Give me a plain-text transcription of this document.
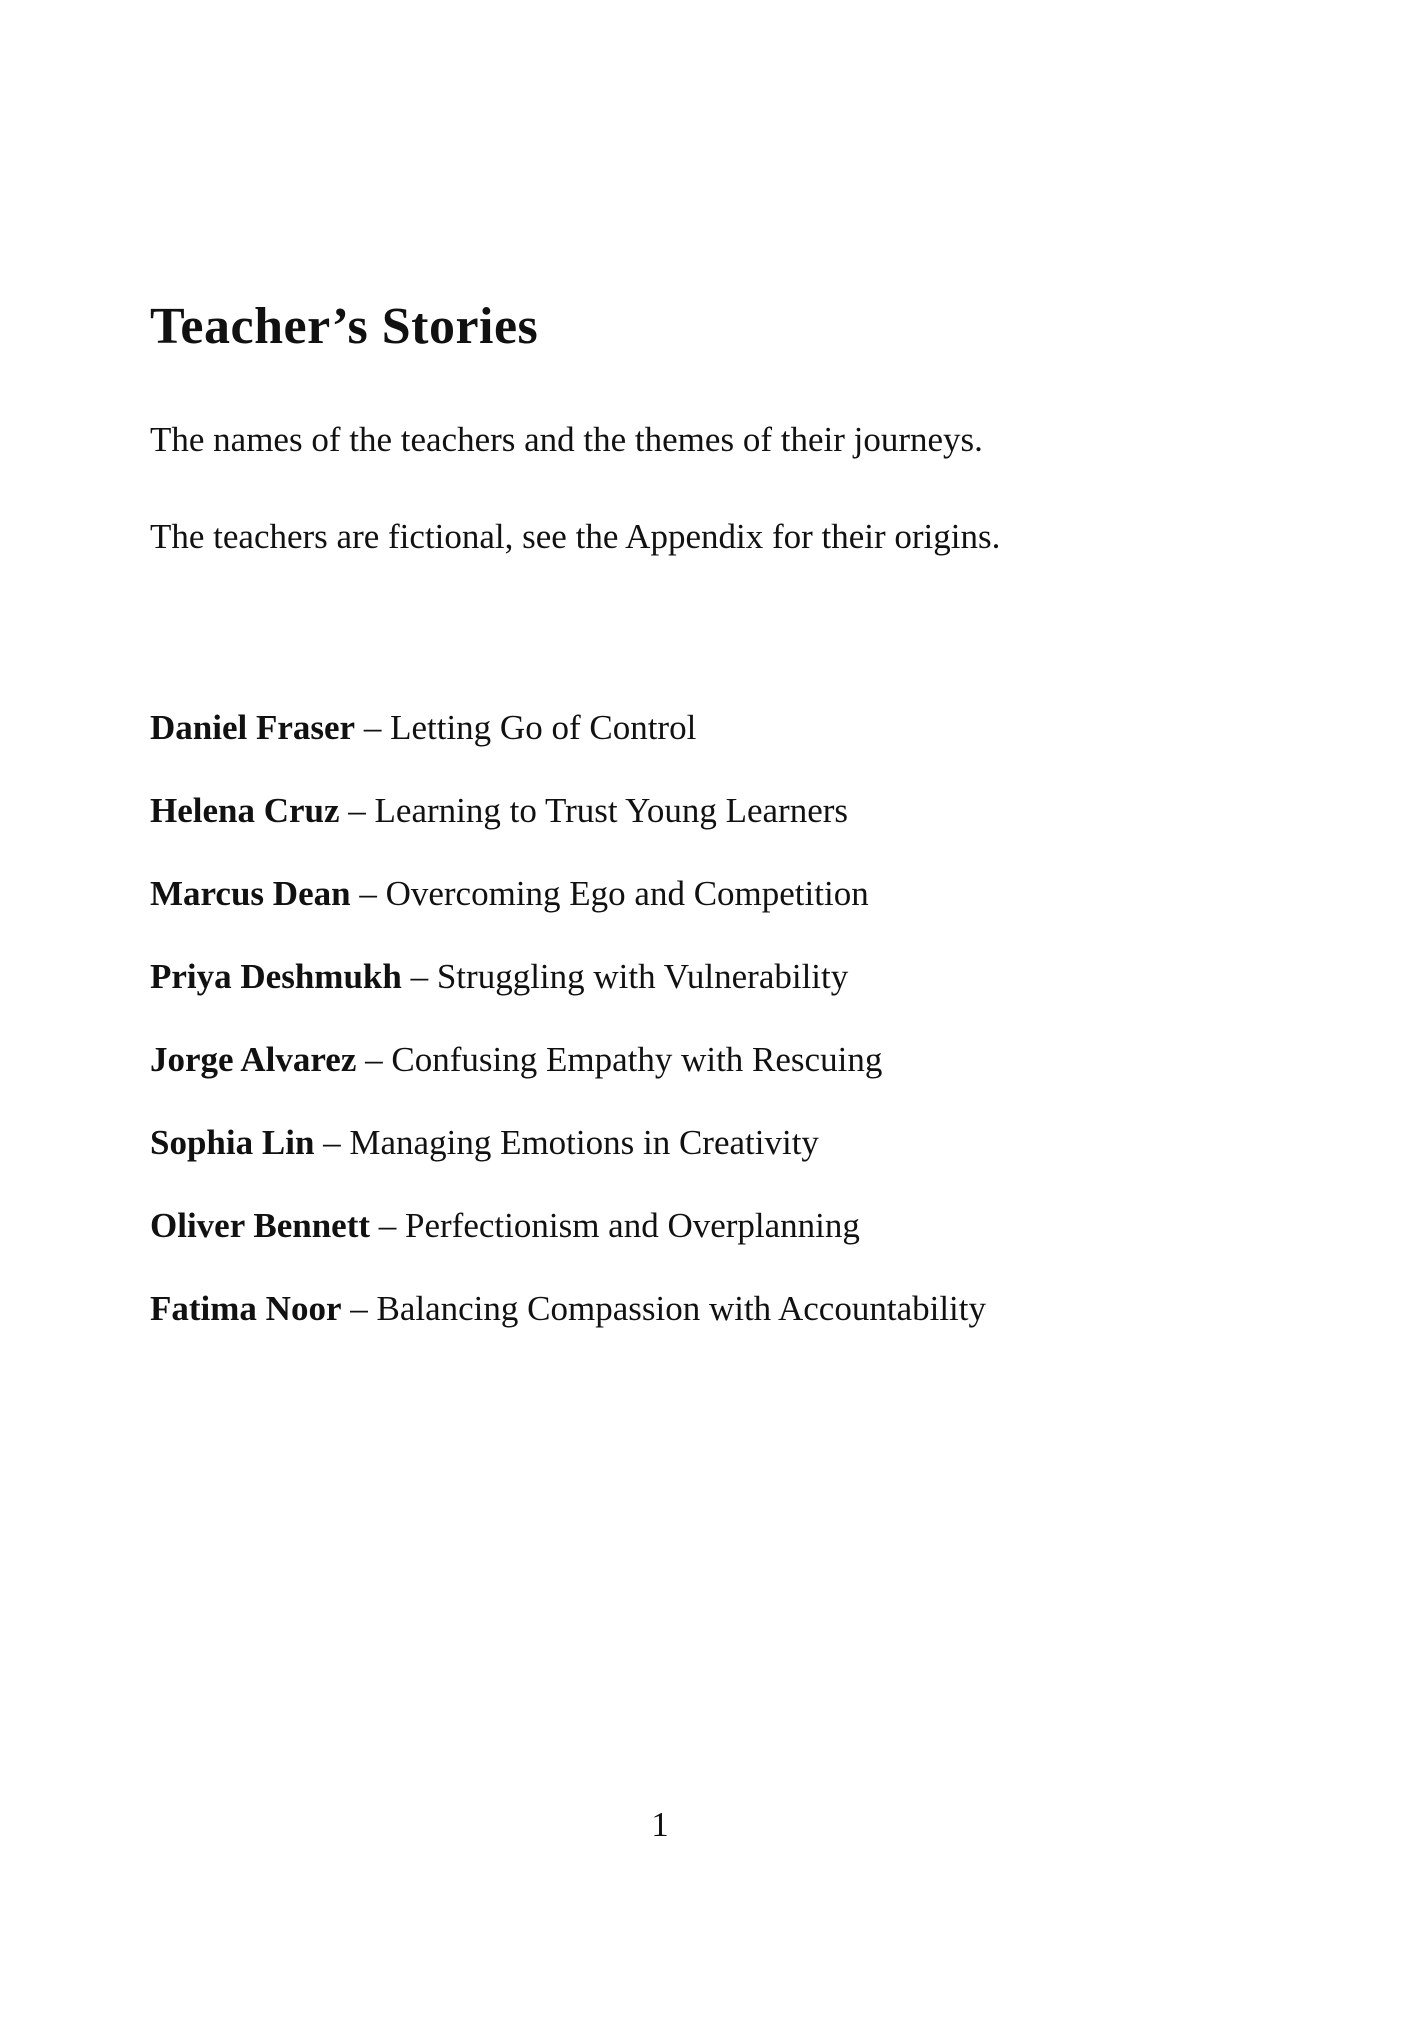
Teacher’s Stories

The names of the teachers and the themes of their journeys.

The teachers are fictional, see the Appendix for their origins.

Daniel Fraser – Letting Go of Control

Helena Cruz – Learning to Trust Young Learners

Marcus Dean – Overcoming Ego and Competition

Priya Deshmukh – Struggling with Vulnerability

Jorge Alvarez – Confusing Empathy with Rescuing

Sophia Lin – Managing Emotions in Creativity

Oliver Bennett – Perfectionism and Overplanning

Fatima Noor – Balancing Compassion with Accountability

1
